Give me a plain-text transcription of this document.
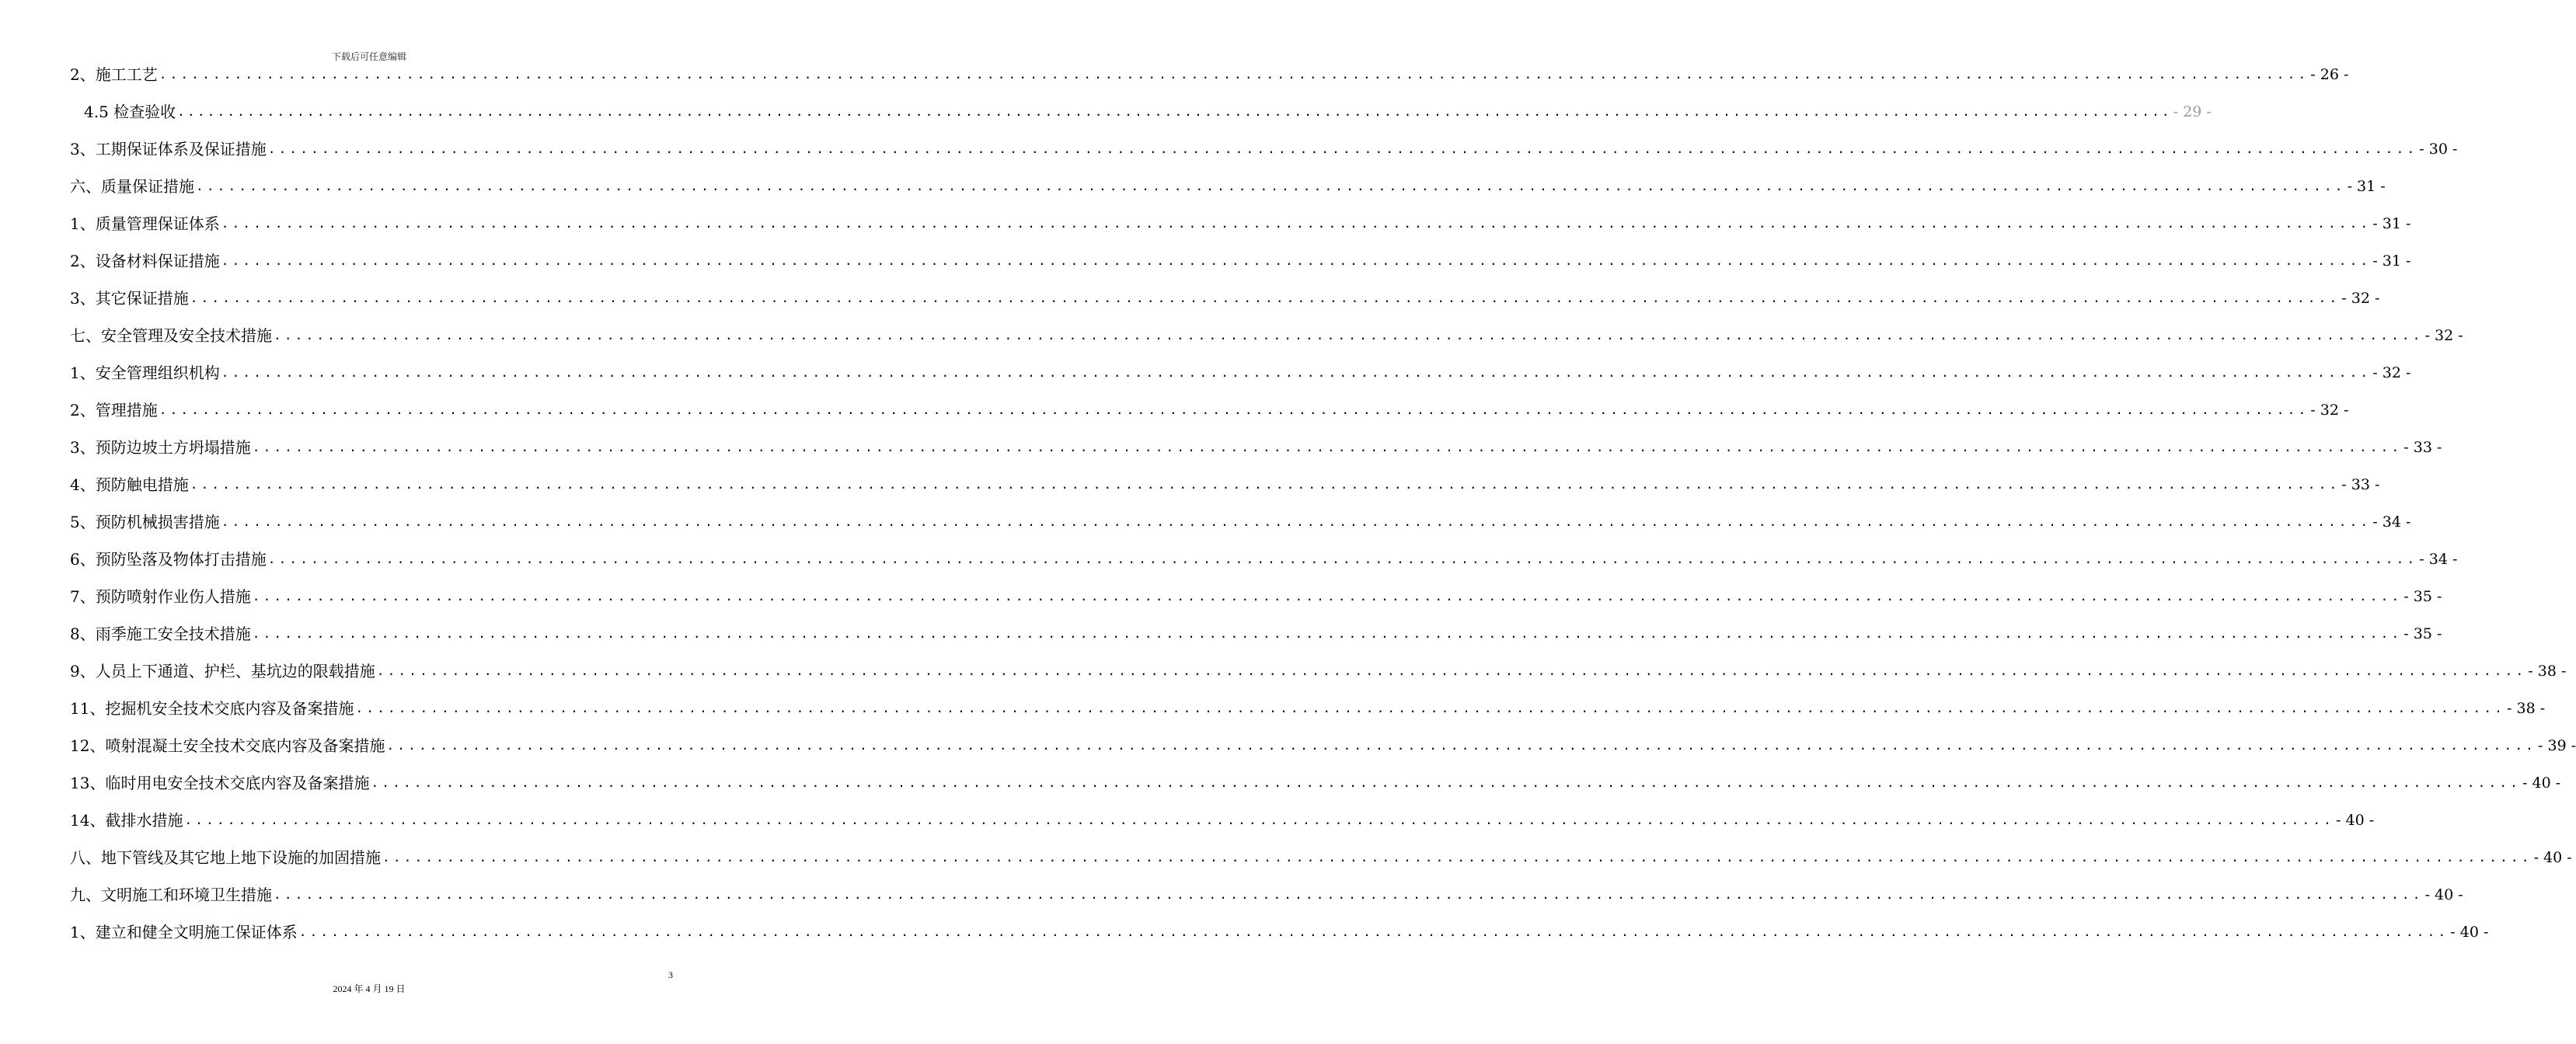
下载后可任意编辑
2、施工工艺 ........................................................................................................................................................................................................ - 26 -
4.5 检查验收 ........................................................................................................................................................................................................ - 29 -
3、工期保证体系及保证措施 ........................................................................................................................................................................................................ - 30 -
六、质量保证措施 ........................................................................................................................................................................................................ - 31 -
1、质量管理保证体系 ........................................................................................................................................................................................................ - 31 -
2、设备材料保证措施 ........................................................................................................................................................................................................ - 31 -
3、其它保证措施 ........................................................................................................................................................................................................ - 32 -
七、安全管理及安全技术措施 ........................................................................................................................................................................................................ - 32 -
1、安全管理组织机构 ........................................................................................................................................................................................................ - 32 -
2、管理措施 ........................................................................................................................................................................................................ - 32 -
3、预防边坡土方坍塌措施 ........................................................................................................................................................................................................ - 33 -
4、预防触电措施 ........................................................................................................................................................................................................ - 33 -
5、预防机械损害措施 ........................................................................................................................................................................................................ - 34 -
6、预防坠落及物体打击措施 ........................................................................................................................................................................................................ - 34 -
7、预防喷射作业伤人措施 ........................................................................................................................................................................................................ - 35 -
8、雨季施工安全技术措施 ........................................................................................................................................................................................................ - 35 -
9、人员上下通道、护栏、基坑边的限载措施 ........................................................................................................................................................................................................ - 38 -
11、挖掘机安全技术交底内容及备案措施 ........................................................................................................................................................................................................ - 38 -
12、喷射混凝土安全技术交底内容及备案措施 ........................................................................................................................................................................................................ - 39 -
13、临时用电安全技术交底内容及备案措施 ........................................................................................................................................................................................................ - 40 -
14、截排水措施 ........................................................................................................................................................................................................ - 40 -
八、地下管线及其它地上地下设施的加固措施 ........................................................................................................................................................................................................ - 40 -
九、文明施工和环境卫生措施 ........................................................................................................................................................................................................ - 40 -
1、建立和健全文明施工保证体系 ........................................................................................................................................................................................................ - 40 -
3
2024 年 4 月 19 日
